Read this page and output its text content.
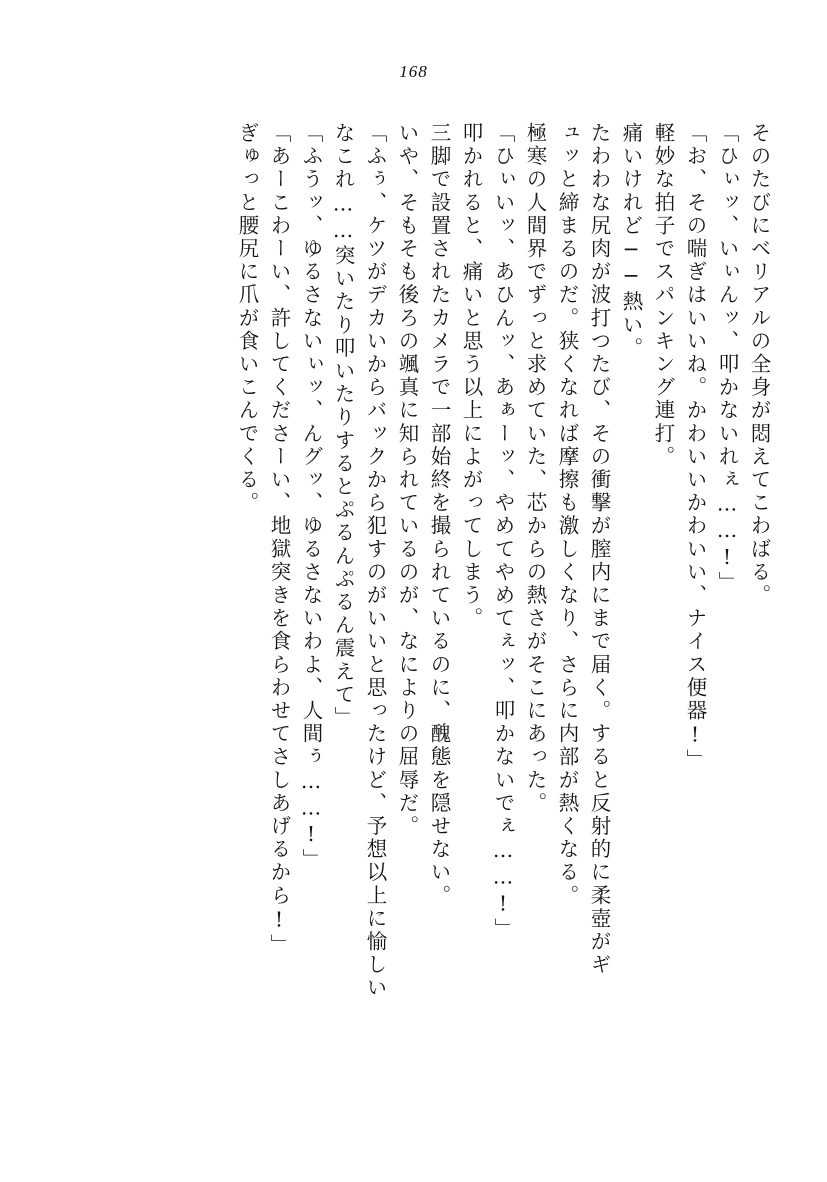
168
そのたびにベリアルの全身が悶えてこわばる。
「ひぃッ、いぃんッ、叩かないれぇ……!」
「お、その喘ぎはいいね。かわいいかわいい、ナイス便器!」
軽妙な拍子でスパンキング連打。
痛いけれど──熱い。
たわわな尻肉が波打つたび、その衝撃が膣内にまで届く。すると反射的に柔壺がギ
ュッと締まるのだ。狭くなれば摩擦も激しくなり、さらに内部が熱くなる。
極寒の人間界でずっと求めていた、芯からの熱さがそこにあった。
「ひぃいッ、あひんッ、あぁーッ、やめてやめてぇッ、叩かないでぇ……!」
叩かれると、痛いと思う以上によがってしまう。
三脚で設置されたカメラで一部始終を撮られているのに、醜態を隠せない。
いや、そもそも後ろの颯真に知られているのが、なによりの屈辱だ。
「ふぅ、ケツがデカいからバックから犯すのがいいと思ったけど、予想以上に愉しい
なこれ……突いたり叩いたりするとぷるんぷるん震えて」
「ふうッ、ゆるさないぃッ、んグッ、ゆるさないわよ、人間ぅ……!」
「あーこわーい、許してくださーい、地獄突きを食らわせてさしあげるから!」
ぎゅっと腰尻に爪が食いこんでくる。
